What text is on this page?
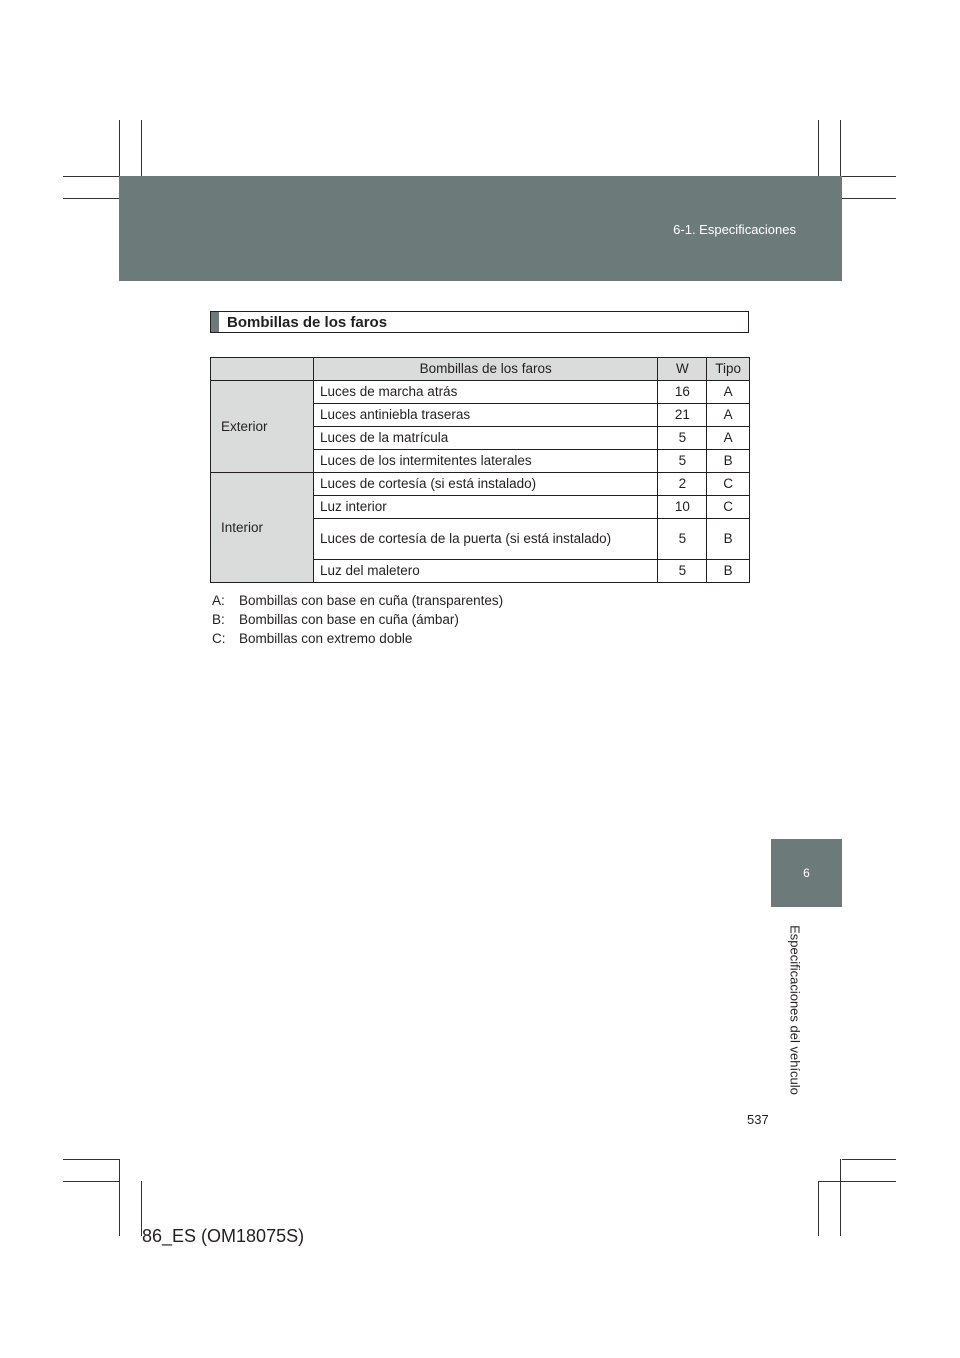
6-1. Especificaciones
Bombillas de los faros
	Bombillas de los faros	W	Tipo
Exterior	Luces de marcha atrás	16	A
	Luces antiniebla traseras	21	A
	Luces de la matrícula	5	A
	Luces de los intermitentes laterales	5	B
Interior	Luces de cortesía (si está instalado)	2	C
	Luz interior	10	C
	Luces de cortesía de la puerta (si está instalado)	5	B
	Luz del maletero	5	B
A: Bombillas con base en cuña (transparentes)
B: Bombillas con base en cuña (ámbar)
C: Bombillas con extremo doble
6
Especificaciones del vehículo
537
86_ES (OM18075S)
